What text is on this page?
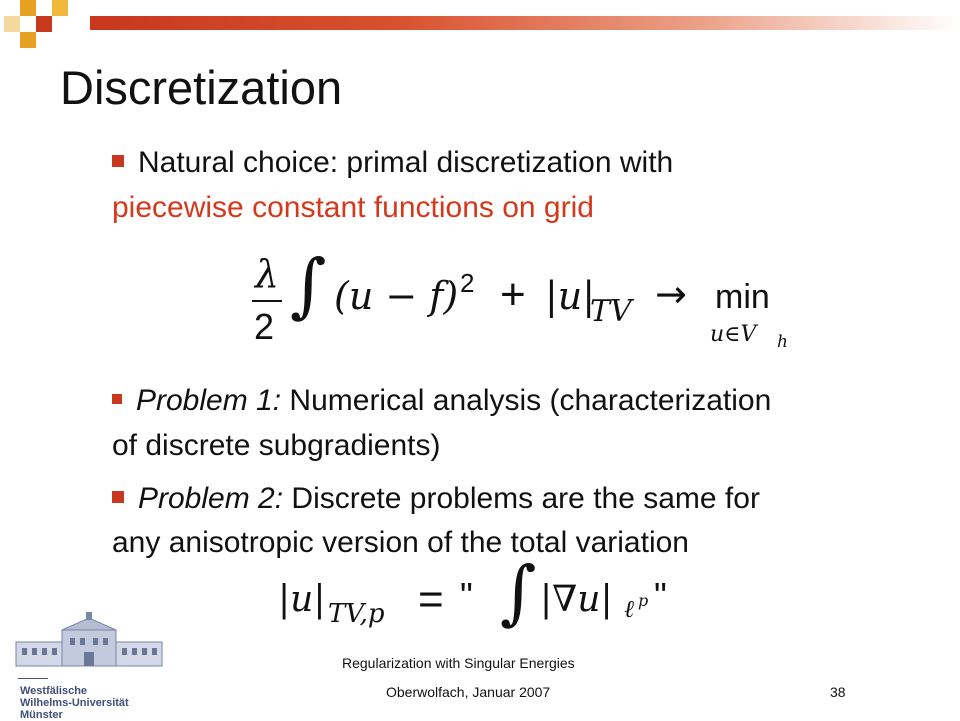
Discretization
Natural choice: primal discretization with
piecewise constant functions on grid
λ
2
∫ (u − f) 2 + |u|
TV → min
u∈V h
Problem 1: Numerical analysis (characterization
of discrete subgradients)
Problem 2: Discrete problems are the same for
any anisotropic version of the total variation
|u| TV,p = " ∫ |∇u| ℓ p "
Westfälische
Wilhelms-Universität
Münster
Regularization with Singular Energies
Oberwolfach, Januar 2007	38
